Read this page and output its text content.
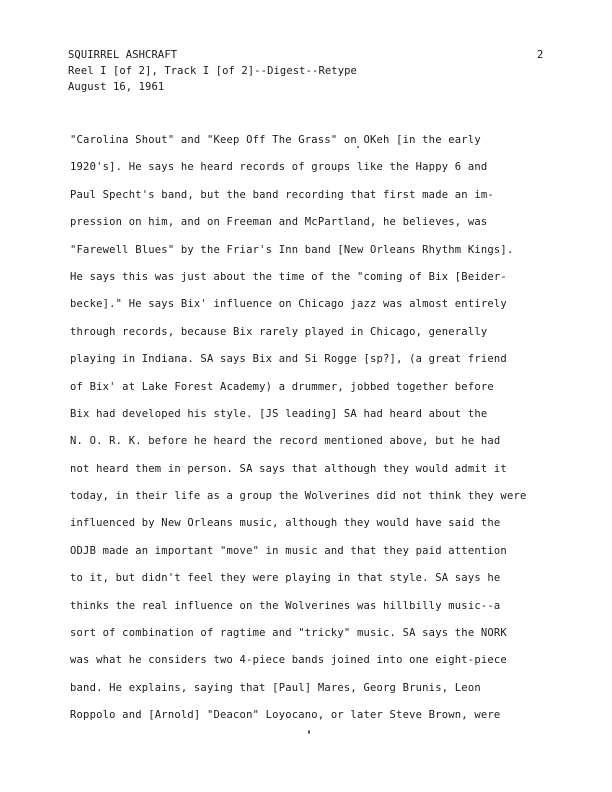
SQUIRREL ASHCRAFT
Reel I [of 2], Track I [of 2]--Digest--Retype
August 16, 1961
2
"Carolina Shout" and "Keep Off The Grass" on OKeh [in the early
1920's]. He says he heard records of groups like the Happy 6 and
Paul Specht's band, but the band recording that first made an im-
pression on him, and on Freeman and McPartland, he believes, was
"Farewell Blues" by the Friar's Inn band [New Orleans Rhythm Kings].
He says this was just about the time of the "coming of Bix [Beider-
becke]." He says Bix' influence on Chicago jazz was almost entirely
through records, because Bix rarely played in Chicago, generally
playing in Indiana. SA says Bix and Si Rogge [sp?], (a great friend
of Bix' at Lake Forest Academy) a drummer, jobbed together before
Bix had developed his style. [JS leading] SA had heard about the
N. O. R. K. before he heard the record mentioned above, but he had
not heard them in person. SA says that although they would admit it
today, in their life as a group the Wolverines did not think they were
influenced by New Orleans music, although they would have said the
ODJB made an important "move" in music and that they paid attention
to it, but didn't feel they were playing in that style. SA says he
thinks the real influence on the Wolverines was hillbilly music--a
sort of combination of ragtime and "tricky" music. SA says the NORK
was what he considers two 4-piece bands joined into one eight-piece
band. He explains, saying that [Paul] Mares, Georg Brunis, Leon
Roppolo and [Arnold] "Deacon" Loyocano, or later Steve Brown, were
